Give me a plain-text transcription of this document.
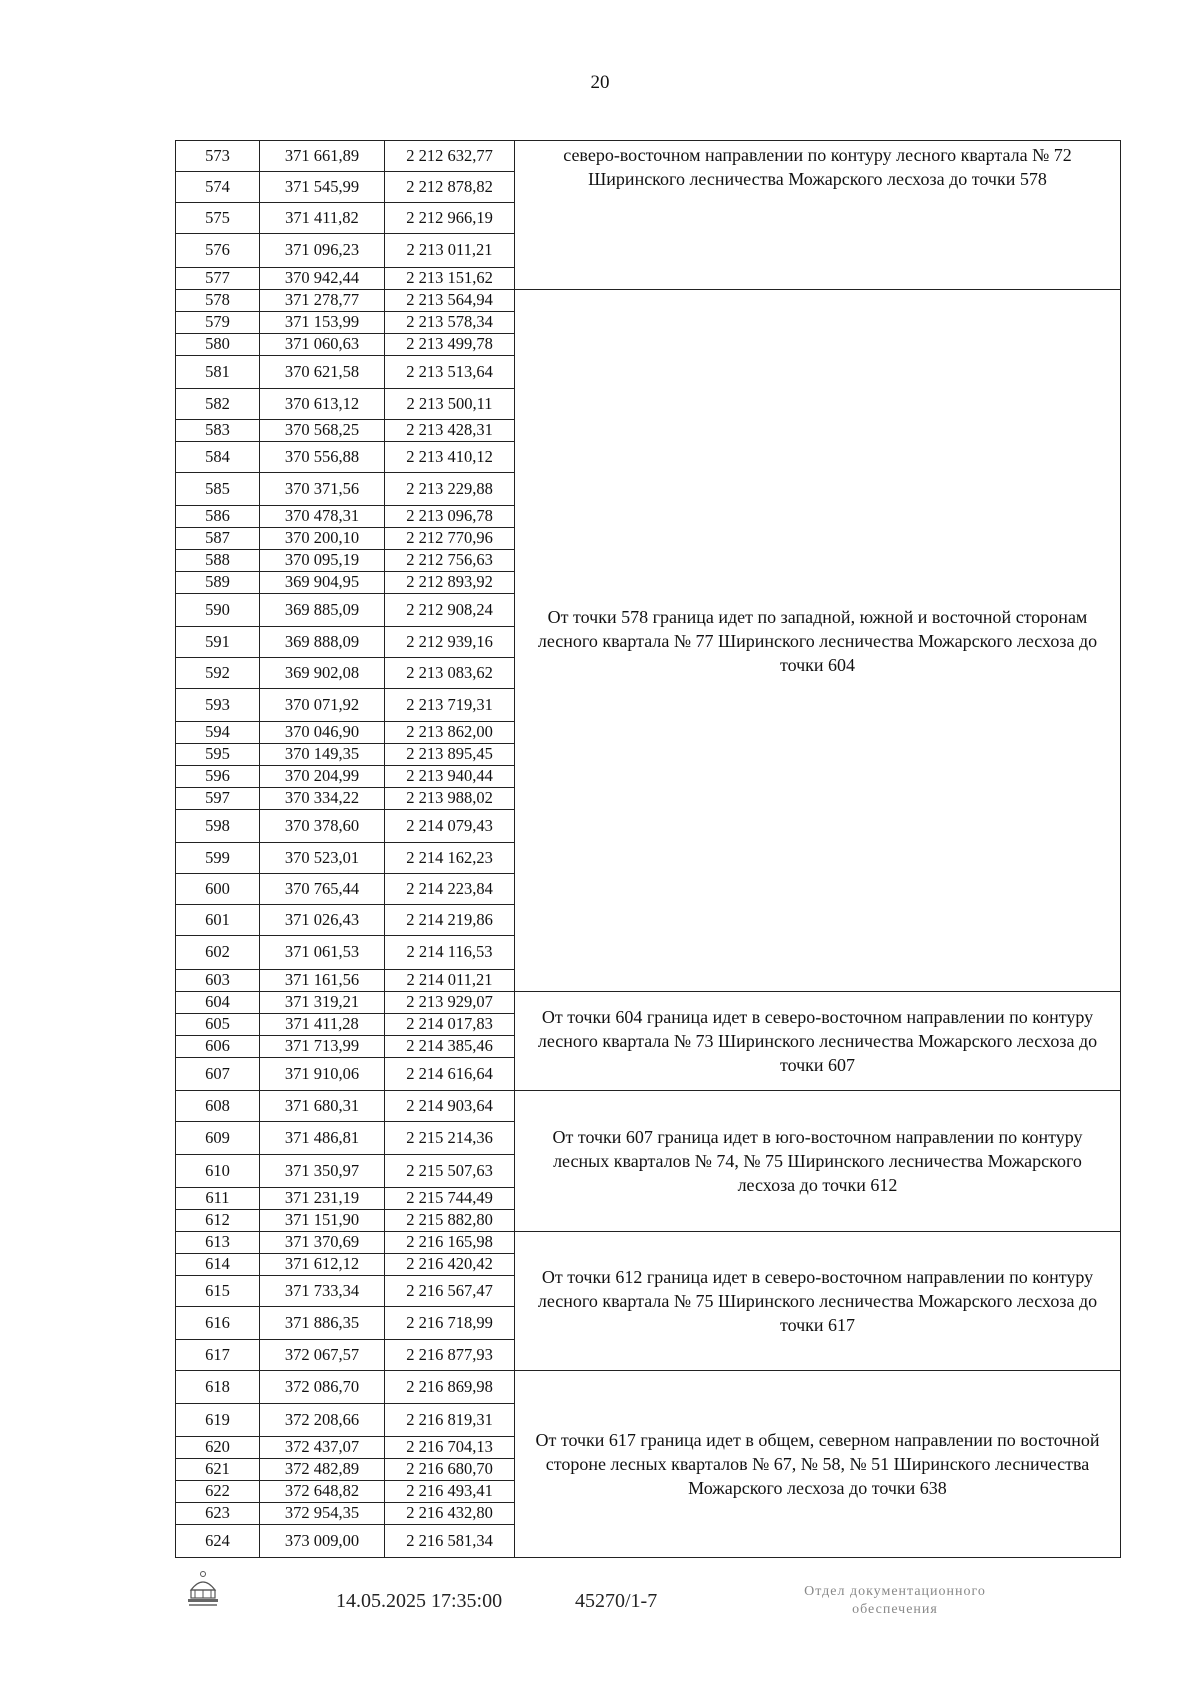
20
573	371 661,89	2 212 632,77	северо-восточном направлении по контуру лесного квартала № 72 Ширинского лесничества Можарского лесхоза до точки 578
574	371 545,99	2 212 878,82	
575	371 411,82	2 212 966,19	
576	371 096,23	2 213 011,21	
577	370 942,44	2 213 151,62	
578	371 278,77	2 213 564,94	От точки 578 граница идет по западной, южной и восточной сторонам лесного квартала № 77 Ширинского лесничества Можарского лесхоза до точки 604
579	371 153,99	2 213 578,34	
580	371 060,63	2 213 499,78	
581	370 621,58	2 213 513,64	
582	370 613,12	2 213 500,11	
583	370 568,25	2 213 428,31	
584	370 556,88	2 213 410,12	
585	370 371,56	2 213 229,88	
586	370 478,31	2 213 096,78	
587	370 200,10	2 212 770,96	
588	370 095,19	2 212 756,63	
589	369 904,95	2 212 893,92	
590	369 885,09	2 212 908,24	
591	369 888,09	2 212 939,16	
592	369 902,08	2 213 083,62	
593	370 071,92	2 213 719,31	
594	370 046,90	2 213 862,00	
595	370 149,35	2 213 895,45	
596	370 204,99	2 213 940,44	
597	370 334,22	2 213 988,02	
598	370 378,60	2 214 079,43	
599	370 523,01	2 214 162,23	
600	370 765,44	2 214 223,84	
601	371 026,43	2 214 219,86	
602	371 061,53	2 214 116,53	
603	371 161,56	2 214 011,21	
604	371 319,21	2 213 929,07	От точки 604 граница идет в северо-восточном направлении по контуру лесного квартала № 73 Ширинского лесничества Можарского лесхоза до точки 607
605	371 411,28	2 214 017,83	
606	371 713,99	2 214 385,46	
607	371 910,06	2 214 616,64	
608	371 680,31	2 214 903,64	От точки 607 граница идет в юго-восточном направлении по контуру лесных кварталов № 74, № 75 Ширинского лесничества Можарского лесхоза до точки 612
609	371 486,81	2 215 214,36	
610	371 350,97	2 215 507,63	
611	371 231,19	2 215 744,49	
612	371 151,90	2 215 882,80	
613	371 370,69	2 216 165,98	От точки 612 граница идет в северо-восточном направлении по контуру лесного квартала № 75 Ширинского лесничества Можарского лесхоза до точки 617
614	371 612,12	2 216 420,42	
615	371 733,34	2 216 567,47	
616	371 886,35	2 216 718,99	
617	372 067,57	2 216 877,93	
618	372 086,70	2 216 869,98	От точки 617 граница идет в общем, северном направлении по восточной стороне лесных кварталов № 67, № 58, № 51 Ширинского лесничества Можарского лесхоза до точки 638
619	372 208,66	2 216 819,31	
620	372 437,07	2 216 704,13	
621	372 482,89	2 216 680,70	
622	372 648,82	2 216 493,41	
623	372 954,35	2 216 432,80	
624	373 009,00	2 216 581,34	
14.05.2025 17:35:00	45270/1-7	Отдел документационного
обеспечения
